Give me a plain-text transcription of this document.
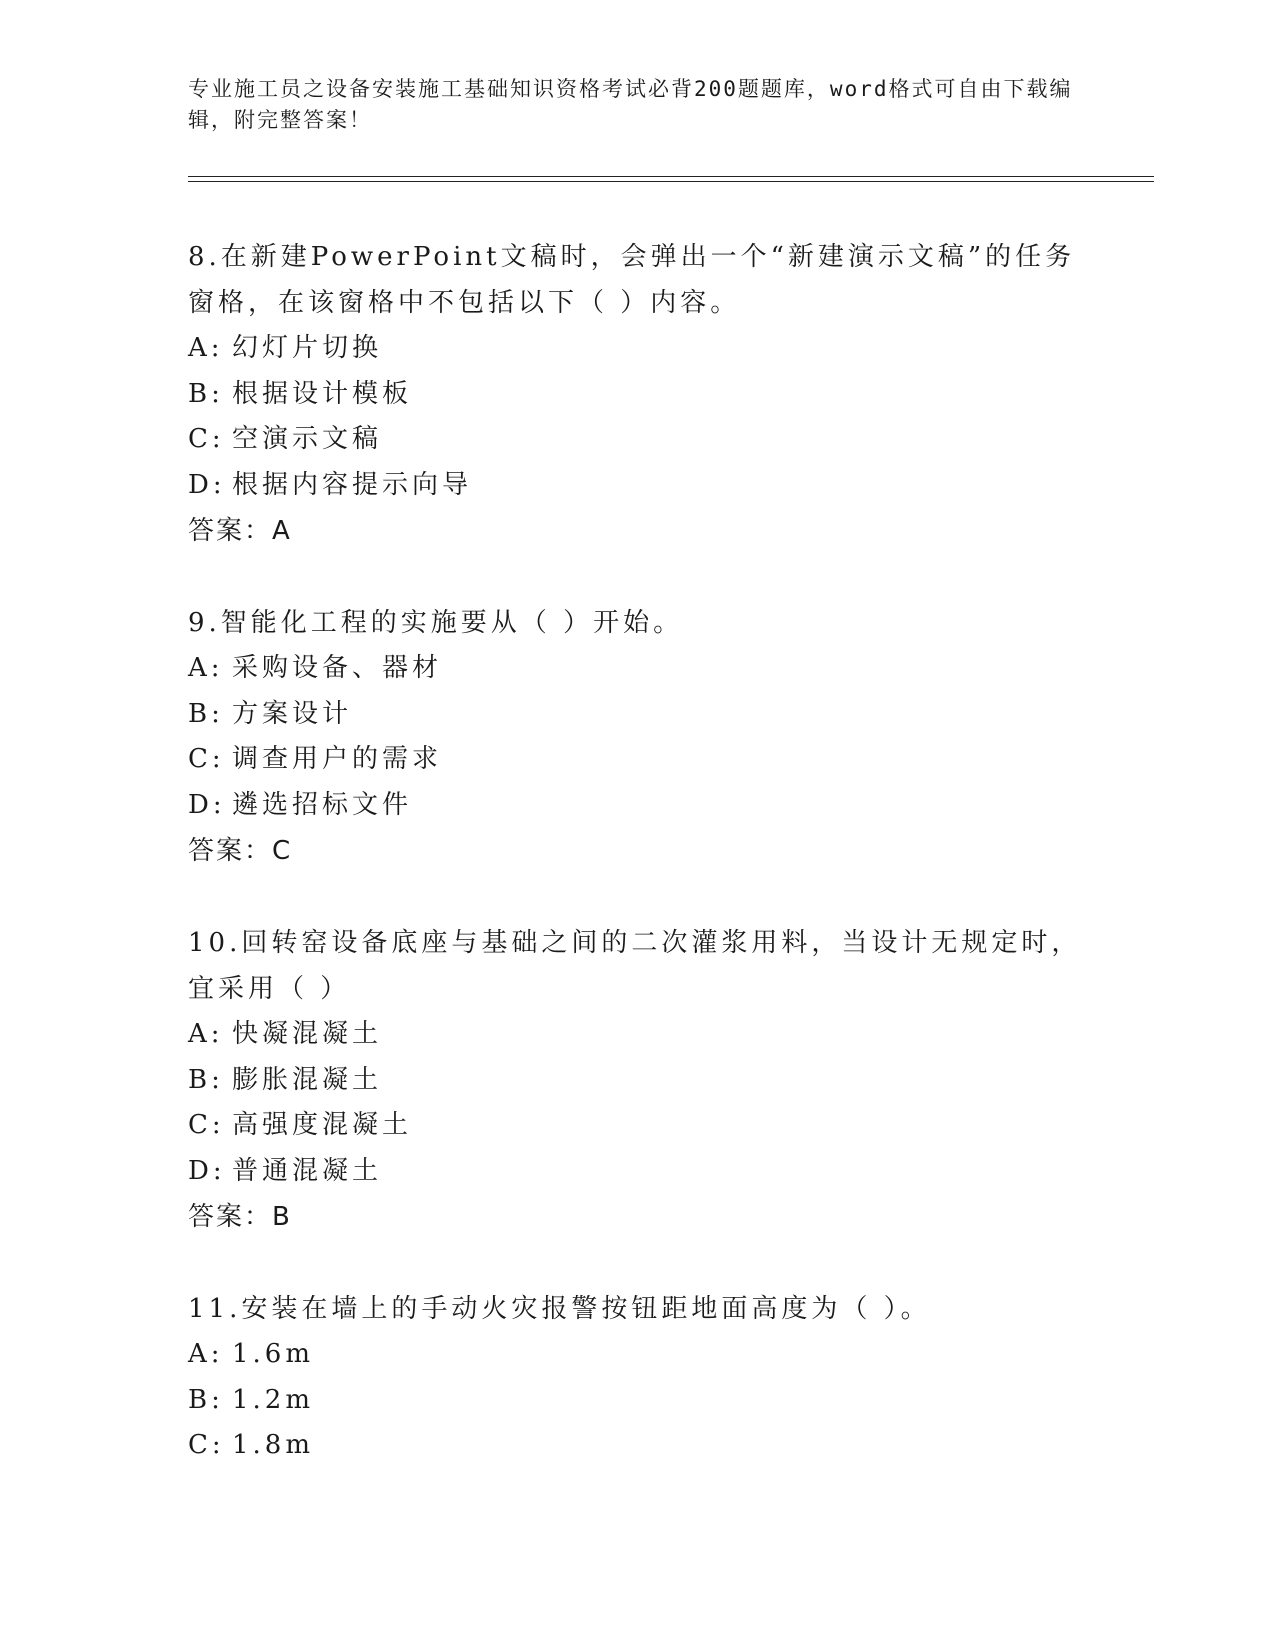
专业施工员之设备安装施工基础知识资格考试必背200题题库，word格式可自由下载编辑，附完整答案！
8.在新建PowerPoint文稿时，会弹出一个“新建演示文稿”的任务窗格，在该窗格中不包括以下（ ）内容。
A: 幻灯片切换
B: 根据设计模板
C: 空演示文稿
D: 根据内容提示向导
答案：A
9.智能化工程的实施要从（ ）开始。
A: 采购设备、器材
B: 方案设计
C: 调查用户的需求
D: 遴选招标文件
答案：C
10.回转窑设备底座与基础之间的二次灌浆用料，当设计无规定时，宜采用（ ）
A: 快凝混凝土
B: 膨胀混凝土
C: 高强度混凝土
D: 普通混凝土
答案：B
11.安装在墙上的手动火灾报警按钮距地面高度为（ ）。
A: 1.6m
B: 1.2m
C: 1.8m
